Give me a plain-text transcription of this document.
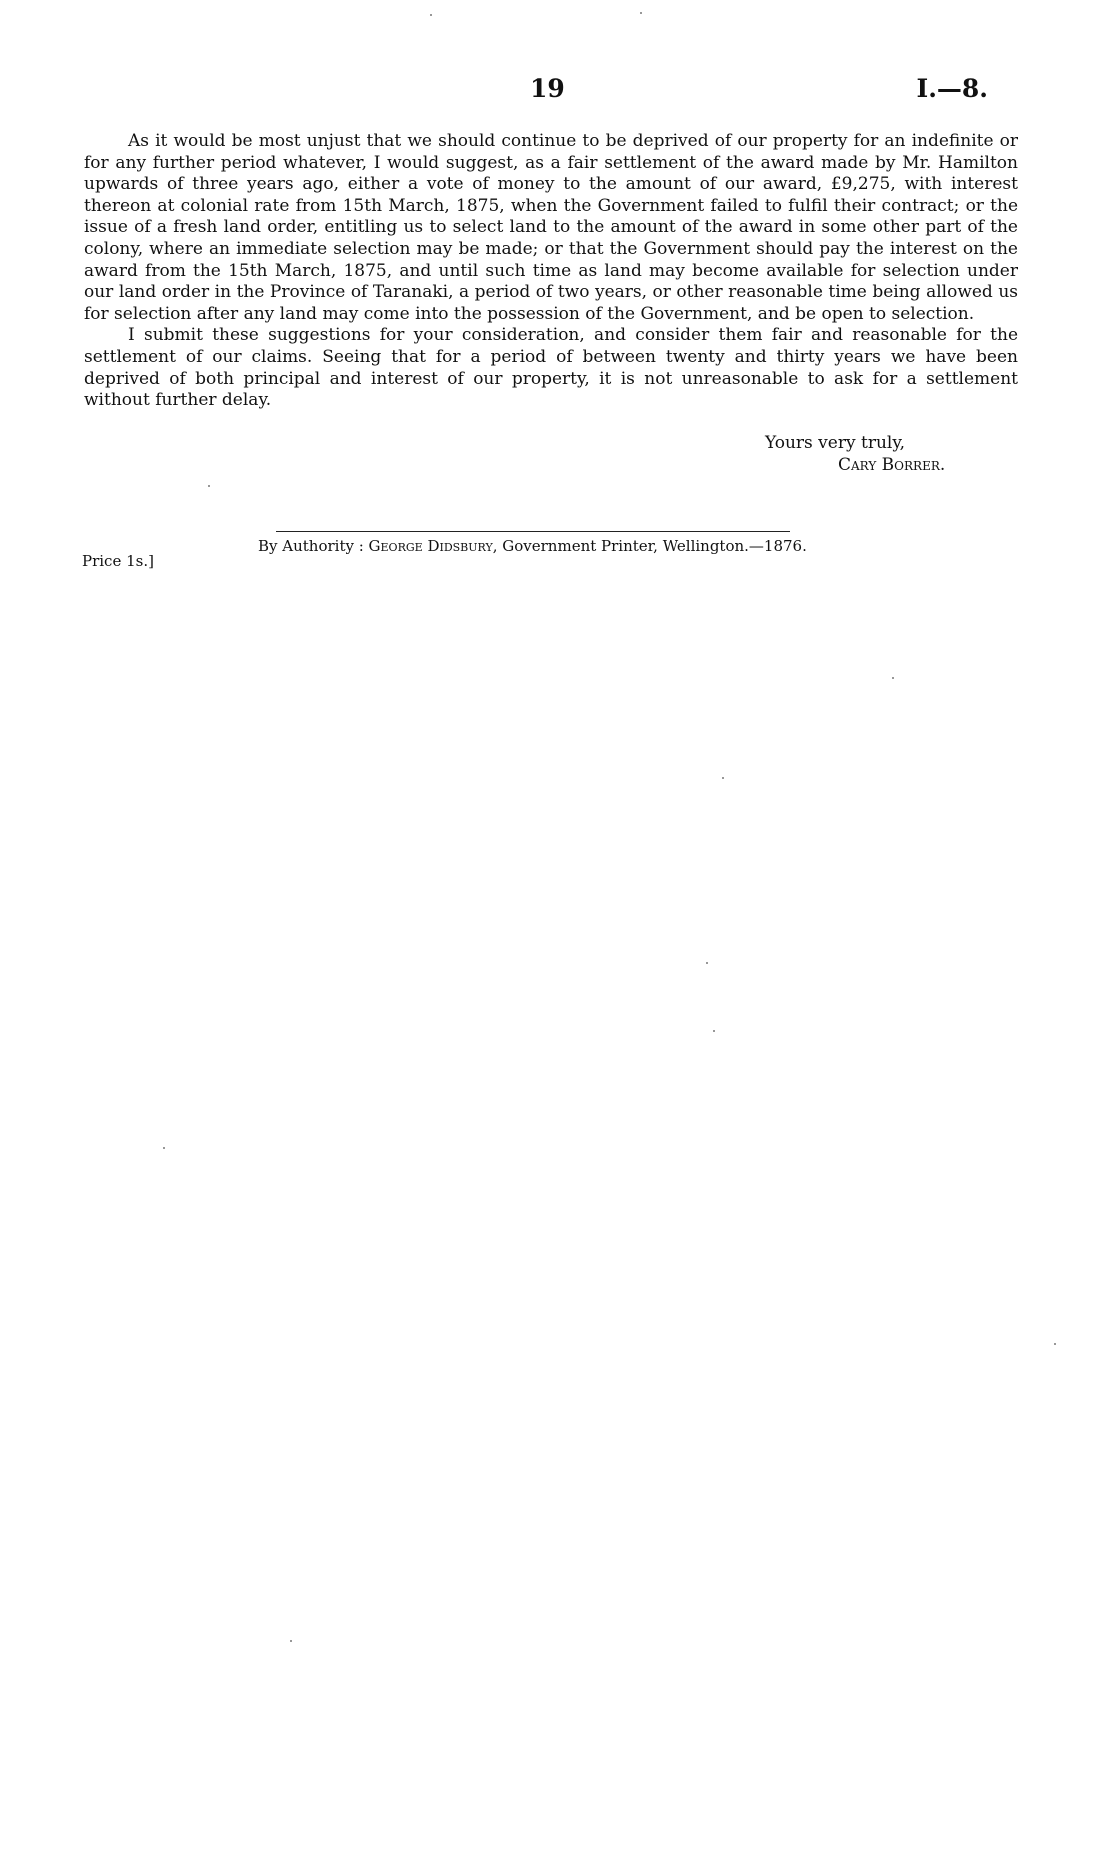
19	I.—8.

As it would be most unjust that we should continue to be deprived of our property for an indefinite or for any further period whatever, I would suggest, as a fair settlement of the award made by Mr. Hamilton upwards of three years ago, either a vote of money to the amount of our award, £9,275, with interest thereon at colonial rate from 15th March, 1875, when the Government failed to fulfil their contract; or the issue of a fresh land order, entitling us to select land to the amount of the award in some other part of the colony, where an immediate selection may be made; or that the Government should pay the interest on the award from the 15th March, 1875, and until such time as land may become available for selection under our land order in the Province of Taranaki, a period of two years, or other reasonable time being allowed us for selection after any land may come into the possession of the Government, and be open to selection.

I submit these suggestions for your consideration, and consider them fair and reasonable for the settlement of our claims. Seeing that for a period of between twenty and thirty years we have been deprived of both principal and interest of our property, it is not unreasonable to ask for a settlement without further delay.

Yours very truly,
Cary Borrer.
By Authority : George Didsbury, Government Printer, Wellington.—1876.
Price 1s.]
